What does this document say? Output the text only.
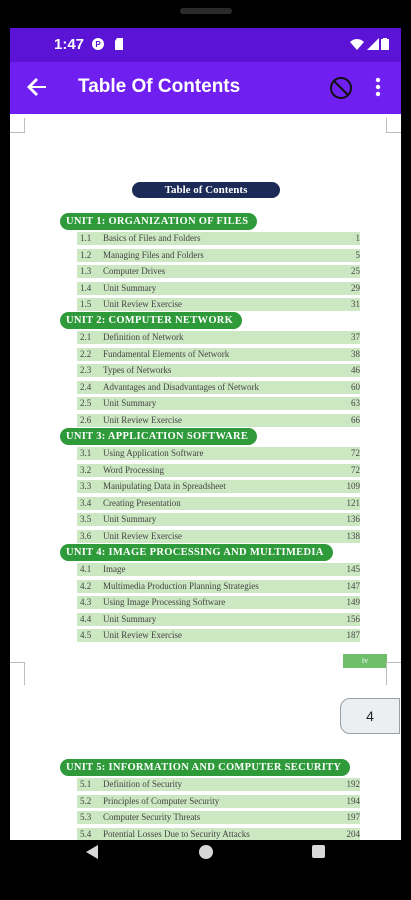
1:47 P
Table Of Contents
Table of Contents
UNIT 1: ORGANIZATION OF FILES
1.1	Basics of Files and Folders	1
1.2	Managing Files and Folders	5
1.3	Computer Drives	25
1.4	Unit Summary	29
1.5	Unit Review Exercise	31
UNIT 2: COMPUTER NETWORK
2.1	Definition of Network	37
2.2	Fundamental Elements of Network	38
2.3	Types of Networks	46
2.4	Advantages and Disadvantages of Network	60
2.5	Unit Summary	63
2.6	Unit Review Exercise	66
UNIT 3: APPLICATION SOFTWARE
3.1	Using Application Software	72
3.2	Word Processing	72
3.3	Manipulating Data in Spreadsheet	109
3.4	Creating Presentation	121
3.5	Unit Summary	136
3.6	Unit Review Exercise	138
UNIT 4: IMAGE PROCESSING AND MULTIMEDIA
4.1	Image	145
4.2	Multimedia Production Planning Strategies	147
4.3	Using Image Processing Software	149
4.4	Unit Summary	156
4.5	Unit Review Exercise	187
UNIT 5: INFORMATION AND COMPUTER SECURITY
5.1	Definition of Security	192
5.2	Principles of Computer Security	194
5.3	Computer Security Threats	197
5.4	Potential Losses Due to Security Attacks	204
iv
4
